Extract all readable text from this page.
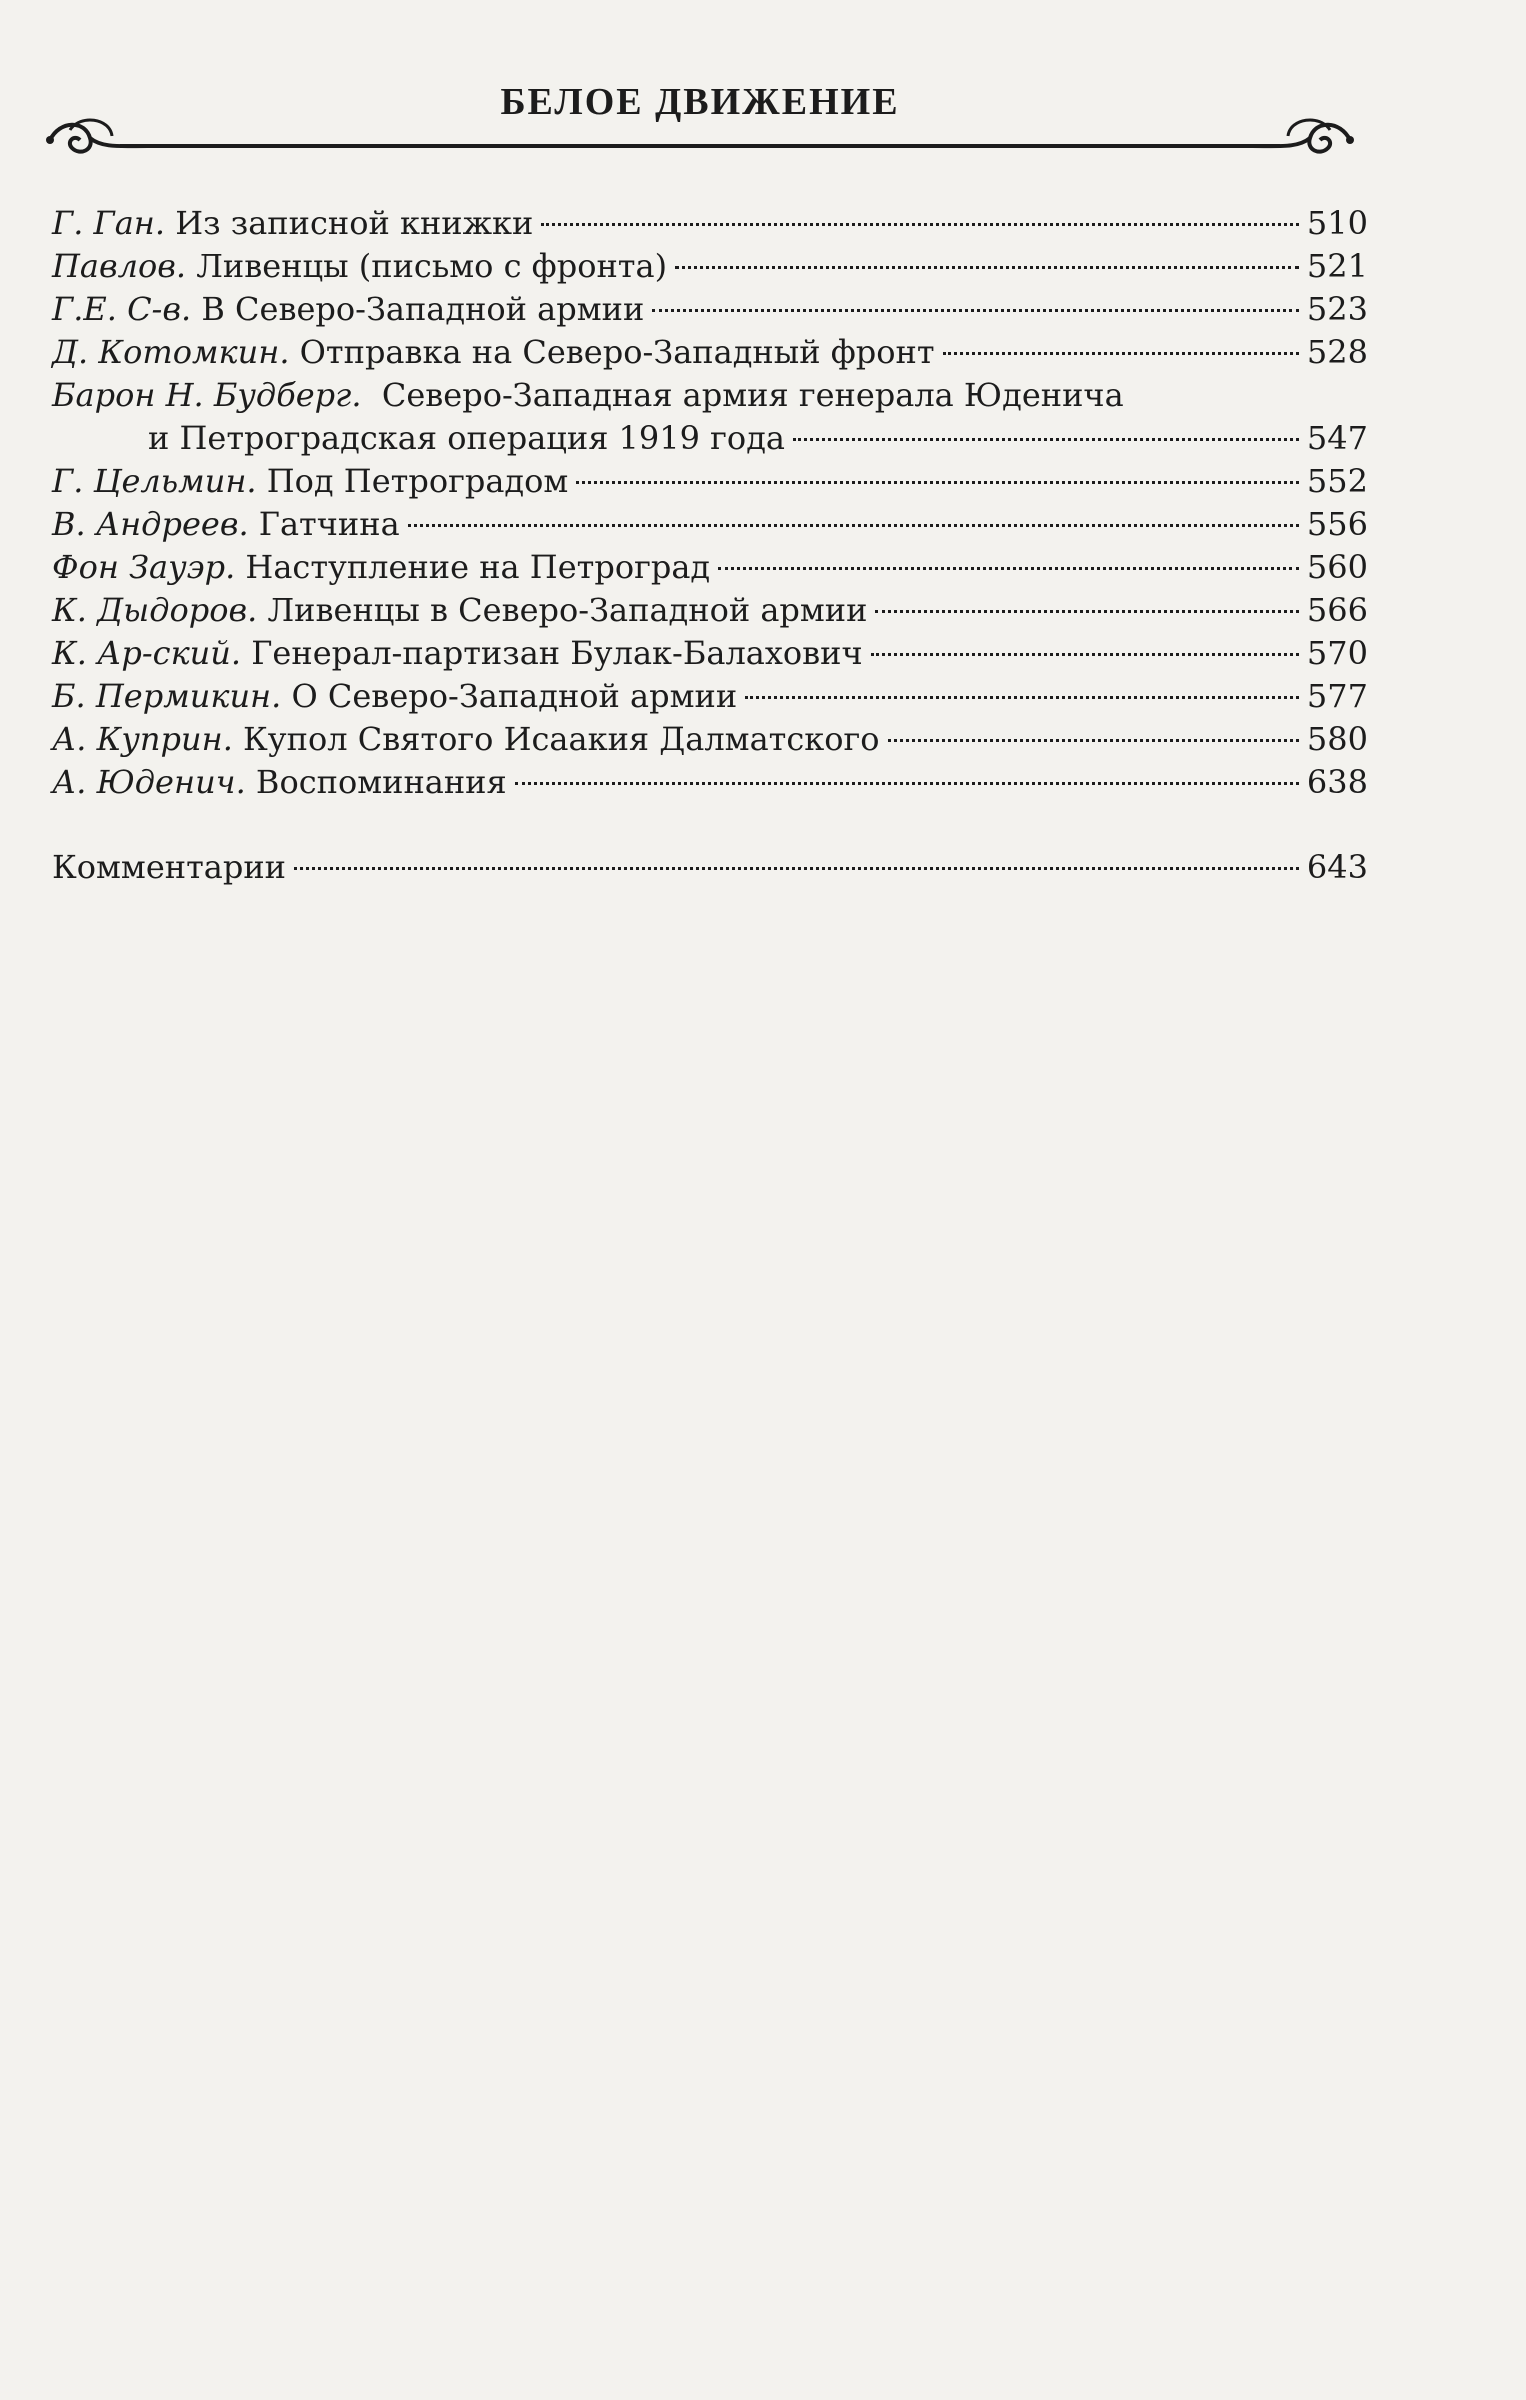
БЕЛОЕ ДВИЖЕНИЕ
Г. Ган. Из записной книжки	510
Павлов. Ливенцы (письмо с фронта)	521
Г.Е. С-в. В Северо-Западной армии	523
Д. Котомкин. Отправка на Северо-Западный фронт	528
Барон Н. Будберг. Северо-Западная армия генерала Юденича
и Петроградская операция 1919 года	547
Г. Цельмин. Под Петроградом	552
В. Андреев. Гатчина	556
Фон Зауэр. Наступление на Петроград	560
К. Дыдоров. Ливенцы в Северо-Западной армии	566
К. Ар-ский. Генерал-партизан Булак-Балахович	570
Б. Пермикин. О Северо-Западной армии	577
А. Куприн. Купол Святого Исаакия Далматского	580
А. Юденич. Воспоминания	638
Комментарии	643
